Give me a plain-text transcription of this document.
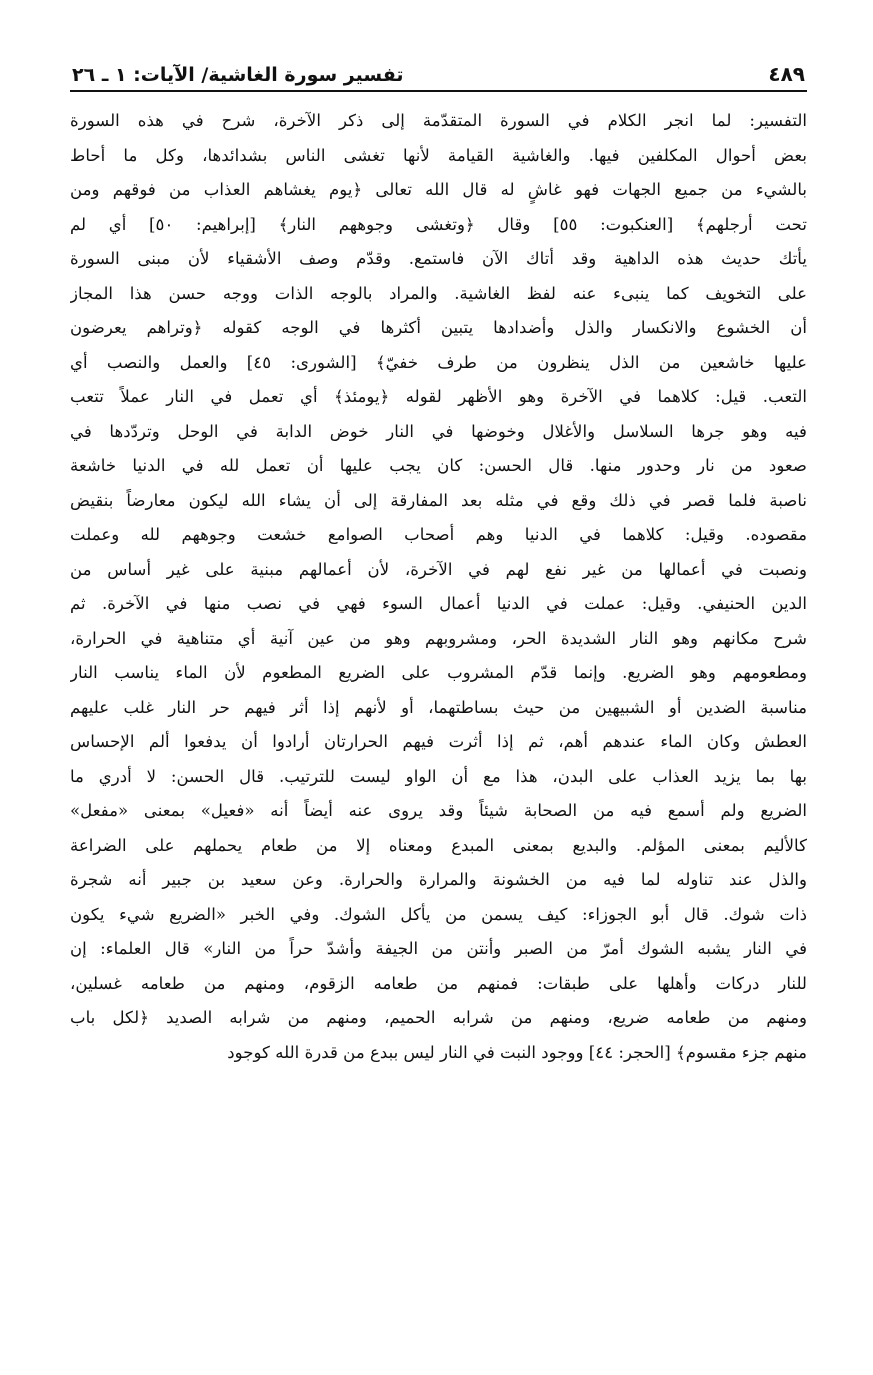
تفسير سورة الغاشية/ الآيات: ١ ـ ٢٦	٤٨٩
التفسير: لما انجر الكلام في السورة المتقدّمة إلى ذكر الآخرة، شرح في هذه السورة
بعض أحوال المكلفين فيها. والغاشية القيامة لأنها تغشى الناس بشدائدها، وكل ما أحاط
بالشيء من جميع الجهات فهو غاشٍ له قال الله تعالى ﴿يوم يغشاهم العذاب من فوقهم ومن
تحت أرجلهم﴾ [العنكبوت: ٥٥] وقال ﴿وتغشى وجوههم النار﴾ [إبراهيم: ٥٠] أي لم
يأتك حديث هذه الداهية وقد أتاك الآن فاستمع. وقدّم وصف الأشقياء لأن مبنى السورة
على التخويف كما ينبىء عنه لفظ الغاشية. والمراد بالوجه الذات ووجه حسن هذا المجاز
أن الخشوع والانكسار والذل وأضدادها يتبين أكثرها في الوجه كقوله ﴿وتراهم يعرضون
عليها خاشعين من الذل ينظرون من طرف خفيّ﴾ [الشورى: ٤٥] والعمل والنصب أي
التعب. قيل: كلاهما في الآخرة وهو الأظهر لقوله ﴿يومئذ﴾ أي تعمل في النار عملاً تتعب
فيه وهو جرها السلاسل والأغلال وخوضها في النار خوض الدابة في الوحل وتردّدها في
صعود من نار وحدور منها. قال الحسن: كان يجب عليها أن تعمل لله في الدنيا خاشعة
ناصبة فلما قصر في ذلك وقع في مثله بعد المفارقة إلى أن يشاء الله ليكون معارضاً بنقيض
مقصوده. وقيل: كلاهما في الدنيا وهم أصحاب الصوامع خشعت وجوههم لله وعملت
ونصبت في أعمالها من غير نفع لهم في الآخرة، لأن أعمالهم مبنية على غير أساس من
الدين الحنيفي. وقيل: عملت في الدنيا أعمال السوء فهي في نصب منها في الآخرة. ثم
شرح مكانهم وهو النار الشديدة الحر، ومشروبهم وهو من عين آنية أي متناهية في الحرارة،
ومطعومهم وهو الضريع. وإنما قدّم المشروب على الضريع المطعوم لأن الماء يناسب النار
مناسبة الضدين أو الشبيهين من حيث بساطتهما، أو لأنهم إذا أثر فيهم حر النار غلب عليهم
العطش وكان الماء عندهم أهم، ثم إذا أثرت فيهم الحرارتان أرادوا أن يدفعوا ألم الإحساس
بها بما يزيد العذاب على البدن، هذا مع أن الواو ليست للترتيب. قال الحسن: لا أدري ما
الضريع ولم أسمع فيه من الصحابة شيئاً وقد يروى عنه أيضاً أنه «فعيل» بمعنى «مفعل»
كالأليم بمعنى المؤلم. والبديع بمعنى المبدع ومعناه إلا من طعام يحملهم على الضراعة
والذل عند تناوله لما فيه من الخشونة والمرارة والحرارة. وعن سعيد بن جبير أنه شجرة
ذات شوك. قال أبو الجوزاء: كيف يسمن من يأكل الشوك. وفي الخبر «الضريع شيء يكون
في النار يشبه الشوك أمرّ من الصبر وأنتن من الجيفة وأشدّ حراً من النار» قال العلماء: إن
للنار دركات وأهلها على طبقات: فمنهم من طعامه الزقوم، ومنهم من طعامه غسلين،
ومنهم من طعامه ضريع، ومنهم من شرابه الحميم، ومنهم من شرابه الصديد ﴿لكل باب
منهم جزء مقسوم﴾ [الحجر: ٤٤] ووجود النبت في النار ليس ببدع من قدرة الله كوجود
